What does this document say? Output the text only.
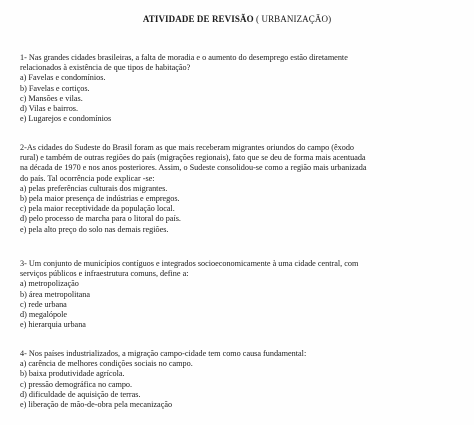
ATIVIDADE DE REVISÃO ( URBANIZAÇÃO)

1- Nas grandes cidades brasileiras, a falta de moradia e o aumento do desemprego estão diretamente

relacionados à existência de que tipos de habitação?

a) Favelas e condomínios.
b) Favelas e cortiços.
c) Mansões e vilas.
d) Vilas e bairros.
e) Lugarejos e condomínios

2-As cidades do Sudeste do Brasil foram as que mais receberam migrantes oriundos do campo (êxodo

rural) e também de outras regiões do país (migrações regionais), fato que se deu de forma mais acentuada

na década de 1970 e nos anos posteriores. Assim, o Sudeste consolidou-se como a região mais urbanizada

do país. Tal ocorrência pode explicar -se:

a) pelas preferências culturais dos migrantes.
b) pela maior presença de indústrias e empregos.
c) pela maior receptividade da população local.
d) pelo processo de marcha para o litoral do país.
e) pela alto preço do solo nas demais regiões.

3- Um conjunto de municípios contíguos e integrados socioeconomicamente à uma cidade central, com

serviços públicos e infraestrutura comuns, define a:

a) metropolização
b) área metropolitana
c) rede urbana
d) megalópole
e) hierarquia urbana

4- Nos países industrializados, a migração campo-cidade tem como causa fundamental:

a) carência de melhores condições sociais no campo.
b) baixa produtividade agrícola.
c) pressão demográfica no campo.
d) dificuldade de aquisição de terras.
e) liberação de mão-de-obra pela mecanização
